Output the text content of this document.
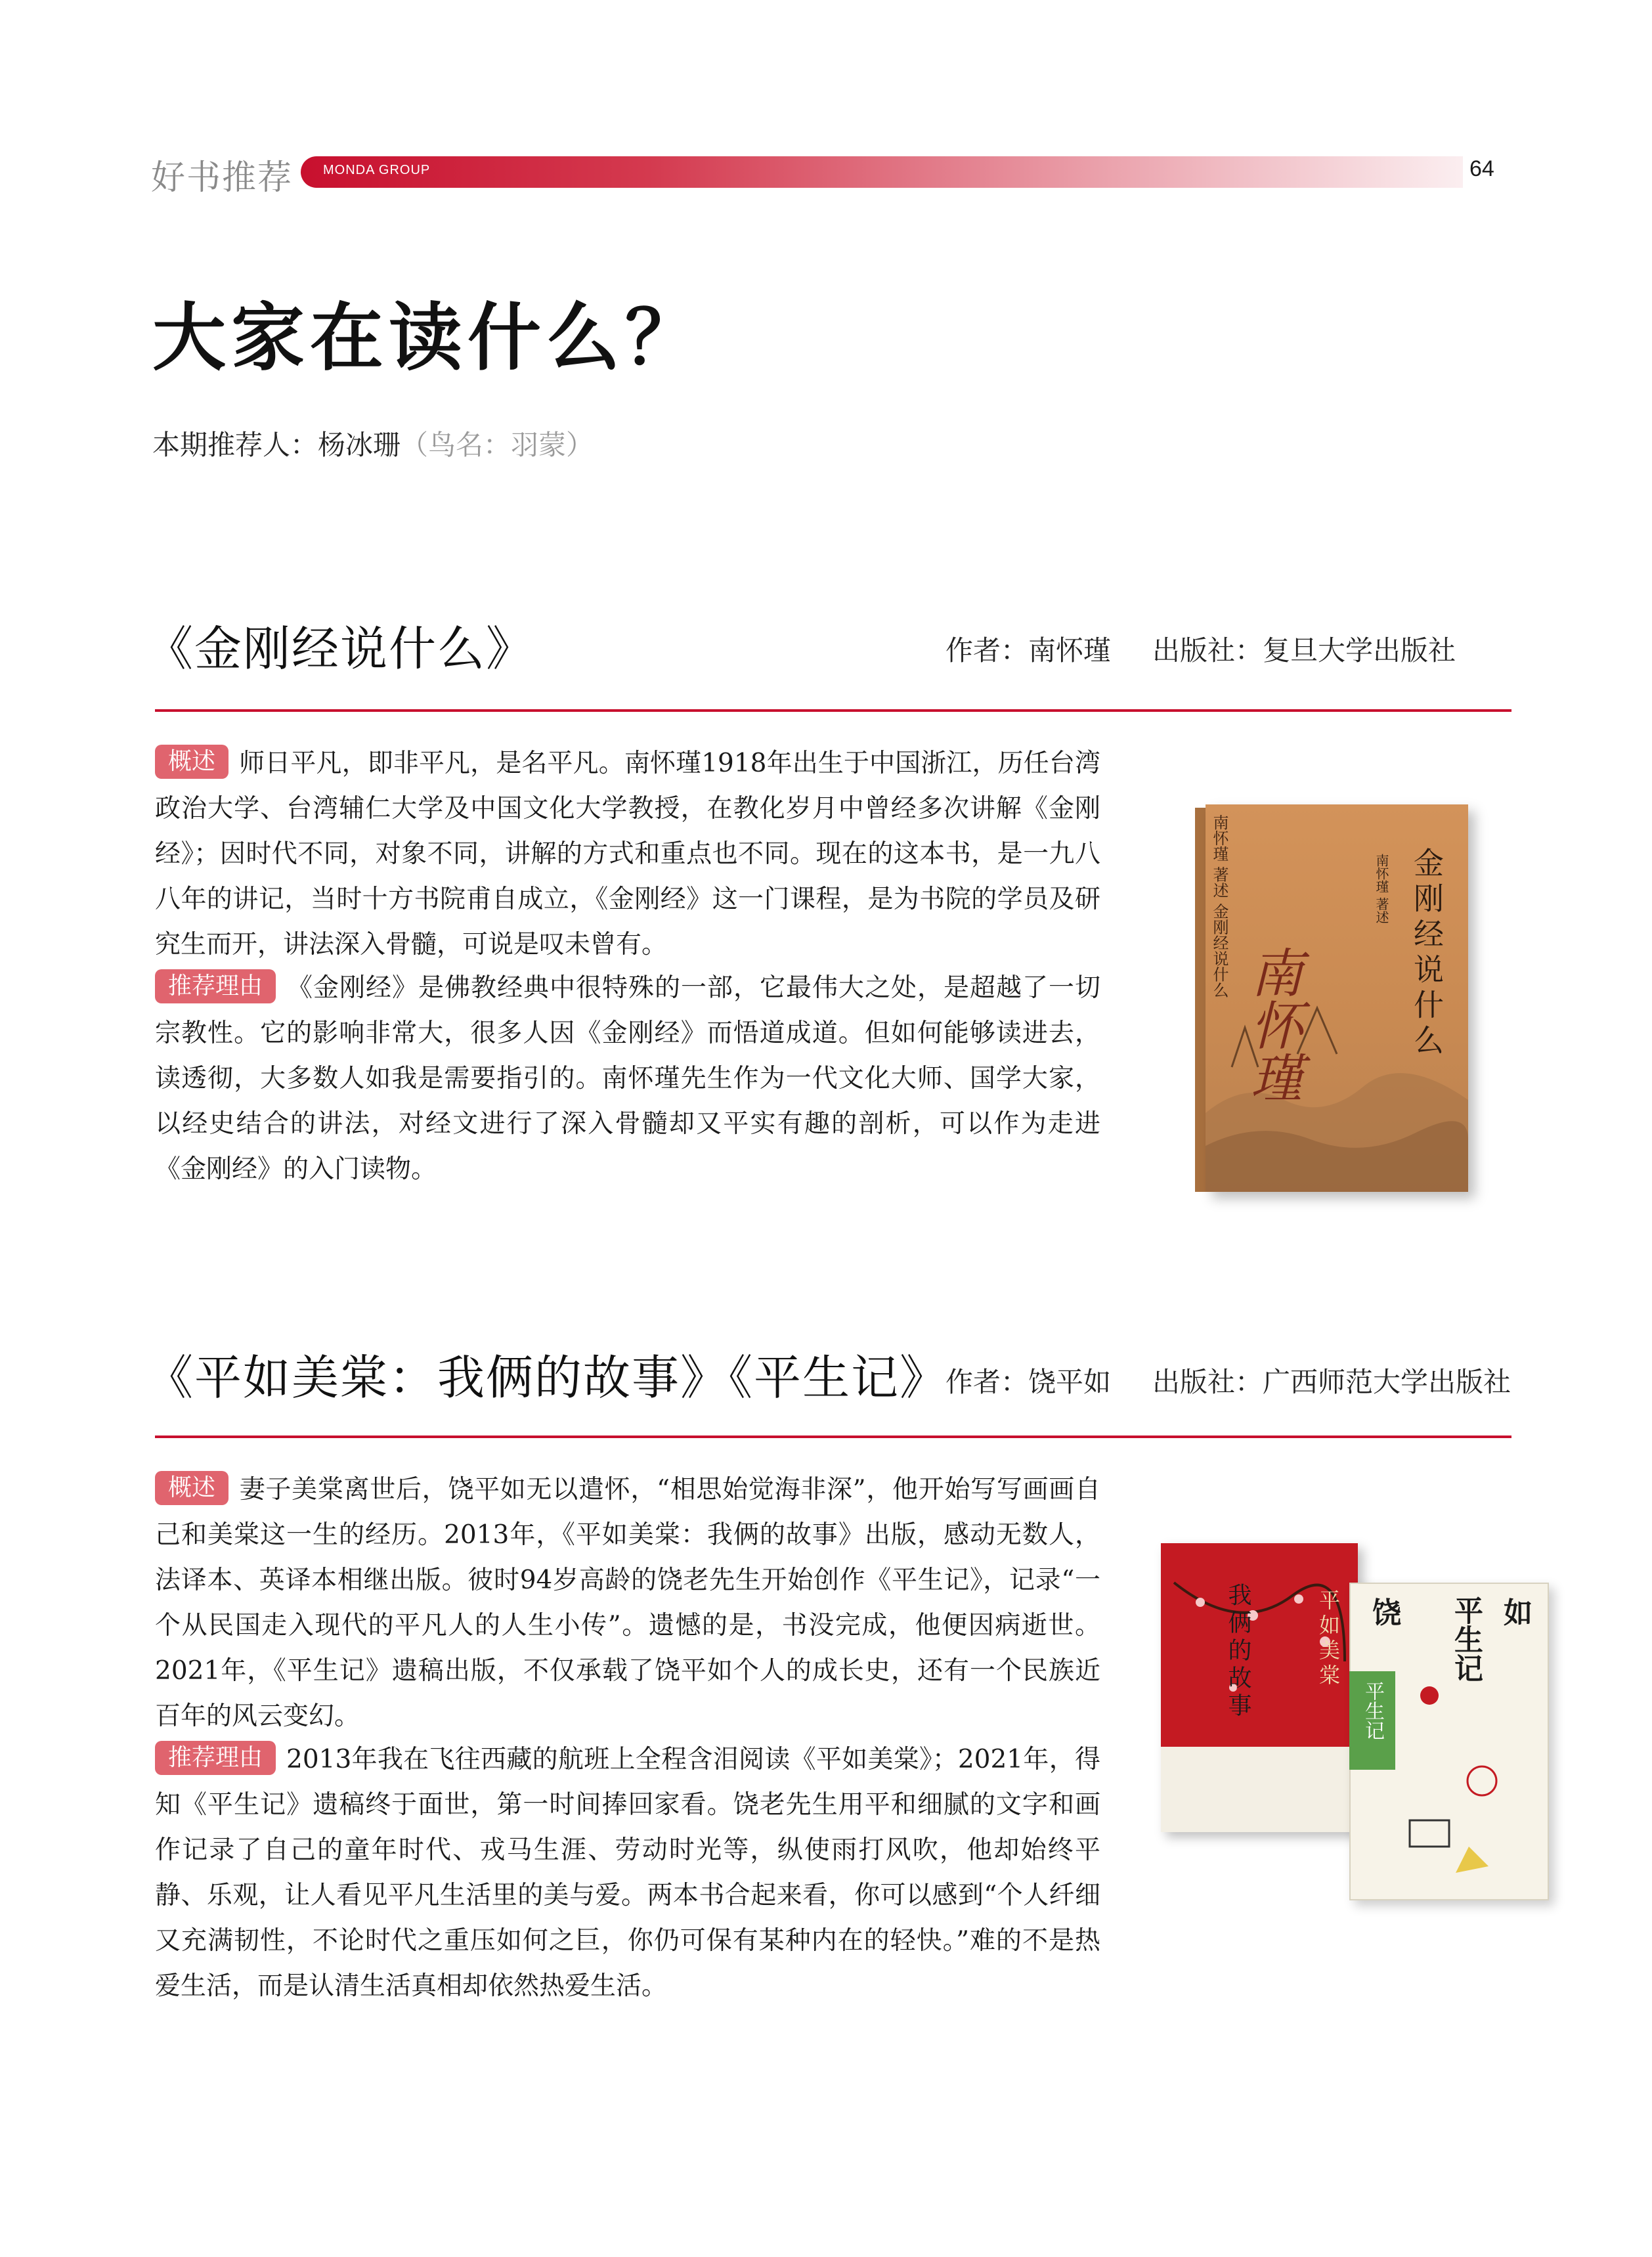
好书推荐 MONDA GROUP	64
大家在读什么？
本期推荐人：杨冰珊（鸟名：羽蒙）
《金刚经说什么》	作者：南怀瑾 出版社：复旦大学出版社
概述 师日平凡，即非平凡，是名平凡。南怀瑾1918年出生于中国浙江，历任台湾政治大学、台湾辅仁大学及中国文化大学教授，在教化岁月中曾经多次讲解《金刚经》；因时代不同，对象不同，讲解的方式和重点也不同。现在的这本书，是一九八八年的讲记，当时十方书院甫自成立，《金刚经》这一门课程，是为书院的学员及研究生而开，讲法深入骨髓，可说是叹未曾有。
推荐理由 《金刚经》是佛教经典中很特殊的一部，它最伟大之处，是超越了一切宗教性。它的影响非常大，很多人因《金刚经》而悟道成道。但如何能够读进去，读透彻，大多数人如我是需要指引的。南怀瑾先生作为一代文化大师、国学大家，以经史结合的讲法，对经文进行了深入骨髓却又平实有趣的剖析，可以作为走进《金刚经》的入门读物。
金刚经说什么
南怀瑾 著述
南怀瑾
南怀瑾 著述 金刚经说什么
《平如美棠：我俩的故事》《平生记》
作者：饶平如 出版社：广西师范大学出版社
概述 妻子美棠离世后，饶平如无以遣怀，“相思始觉海非深”，他开始写写画画自己和美棠这一生的经历。2013年，《平如美棠：我俩的故事》出版，感动无数人，法译本、英译本相继出版。彼时94岁高龄的饶老先生开始创作《平生记》，记录“一个从民国走入现代的平凡人的人生小传”。遗憾的是，书没完成，他便因病逝世。2021年，《平生记》遗稿出版，不仅承载了饶平如个人的成长史，还有一个民族近百年的风云变幻。
推荐理由 2013年我在飞往西藏的航班上全程含泪阅读《平如美棠》；2021年，得知《平生记》遗稿终于面世，第一时间捧回家看。饶老先生用平和细腻的文字和画作记录了自己的童年时代、戎马生涯、劳动时光等，纵使雨打风吹，他却始终平静、乐观，让人看见平凡生活里的美与爱。两本书合起来看，你可以感到“个人纤细又充满韧性，不论时代之重压如何之巨，你仍可保有某种内在的轻快。”难的不是热爱生活，而是认清生活真相却依然热爱生活。
我俩的故事	平如美棠
平生记
饶 平生记 如
